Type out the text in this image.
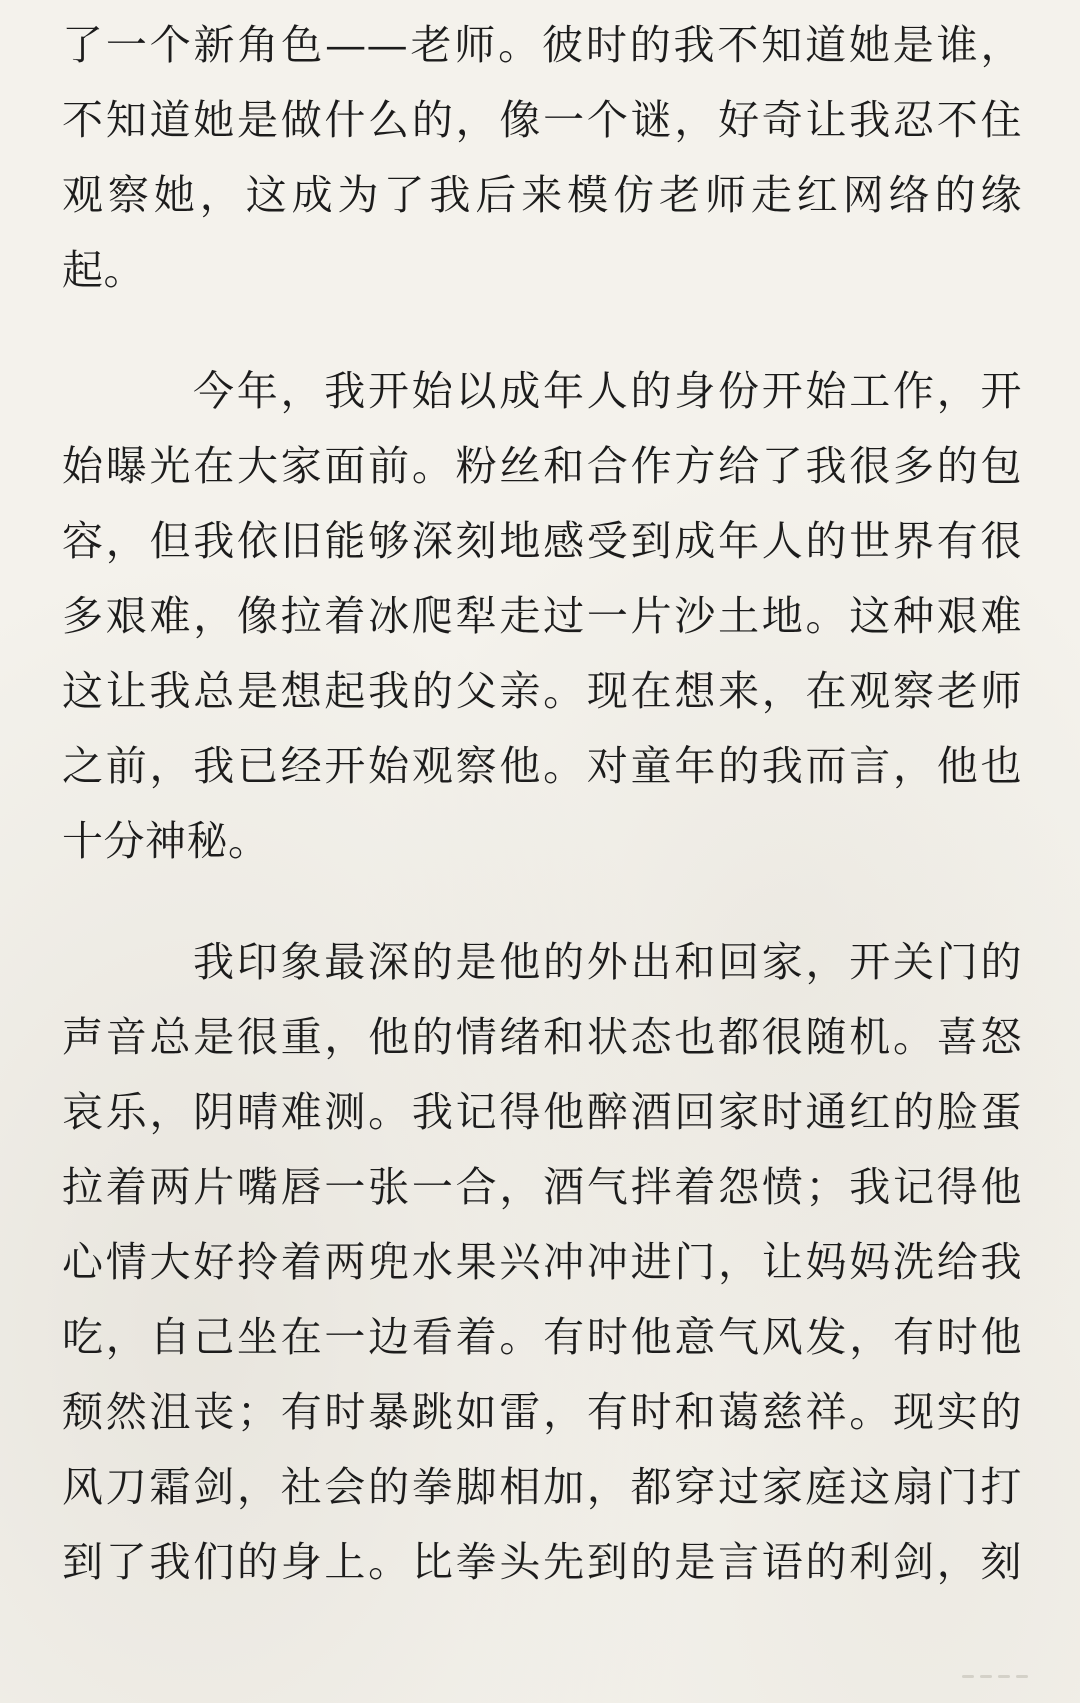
了一个新角色——老师。彼时的我不知道她是谁，
不知道她是做什么的，像一个谜，好奇让我忍不住
观察她，这成为了我后来模仿老师走红网络的缘
起。
今年，我开始以成年人的身份开始工作，开
始曝光在大家面前。粉丝和合作方给了我很多的包
容，但我依旧能够深刻地感受到成年人的世界有很
多艰难，像拉着冰爬犁走过一片沙土地。这种艰难
这让我总是想起我的父亲。现在想来，在观察老师
之前，我已经开始观察他。对童年的我而言，他也
十分神秘。
我印象最深的是他的外出和回家，开关门的
声音总是很重，他的情绪和状态也都很随机。喜怒
哀乐，阴晴难测。我记得他醉酒回家时通红的脸蛋
拉着两片嘴唇一张一合，酒气拌着怨愤；我记得他
心情大好拎着两兜水果兴冲冲进门，让妈妈洗给我
吃，自己坐在一边看着。有时他意气风发，有时他
颓然沮丧；有时暴跳如雷，有时和蔼慈祥。现实的
风刀霜剑，社会的拳脚相加，都穿过家庭这扇门打
到了我们的身上。比拳头先到的是言语的利剑，刻
